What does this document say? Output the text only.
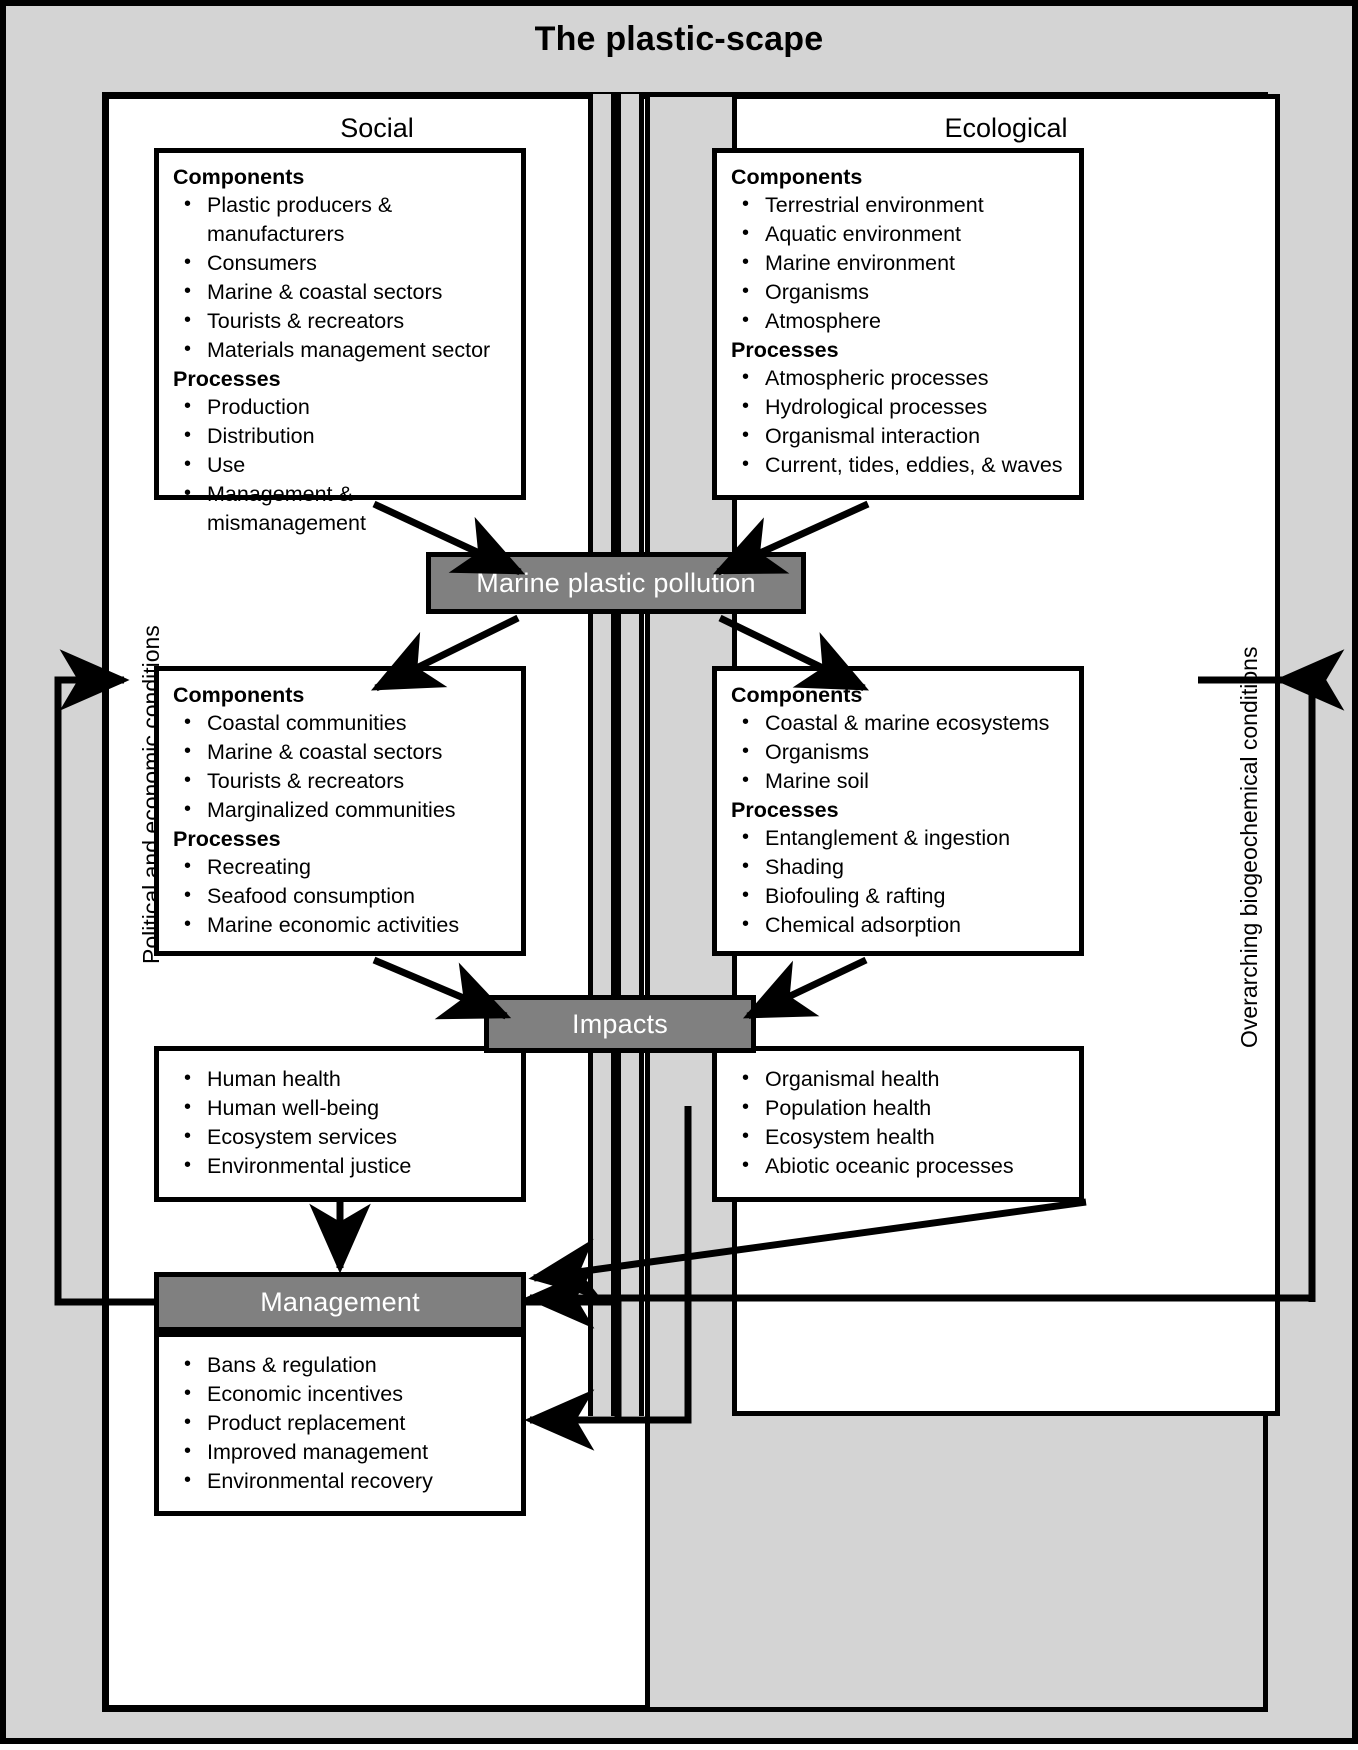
The plastic-scape
Social	Ecological
Components
• Plastic producers & manufacturers
• Consumers
• Marine & coastal sectors
• Tourists & recreators
• Materials management sector
Processes
• Production
• Distribution
• Use
• Management & mismanagement
Components
• Terrestrial environment
• Aquatic environment
• Marine environment
• Organisms
• Atmosphere
Processes
• Atmospheric processes
• Hydrological processes
• Organismal interaction
• Current, tides, eddies, & waves
Marine plastic pollution
Components
• Coastal communities
• Marine & coastal sectors
• Tourists & recreators
• Marginalized communities
Processes
• Recreating
• Seafood consumption
• Marine economic activities
Components
• Coastal & marine ecosystems
• Organisms
• Marine soil
Processes
• Entanglement & ingestion
• Shading
• Biofouling & rafting
• Chemical adsorption
• Human health
• Human well-being
• Ecosystem services
• Environmental justice
• Organismal health
• Population health
• Ecosystem health
• Abiotic oceanic processes
Impacts
Management
• Bans & regulation
• Economic incentives
• Product replacement
• Improved management
• Environmental recovery
Political and economic conditions	Overarching biogeochemical conditions
